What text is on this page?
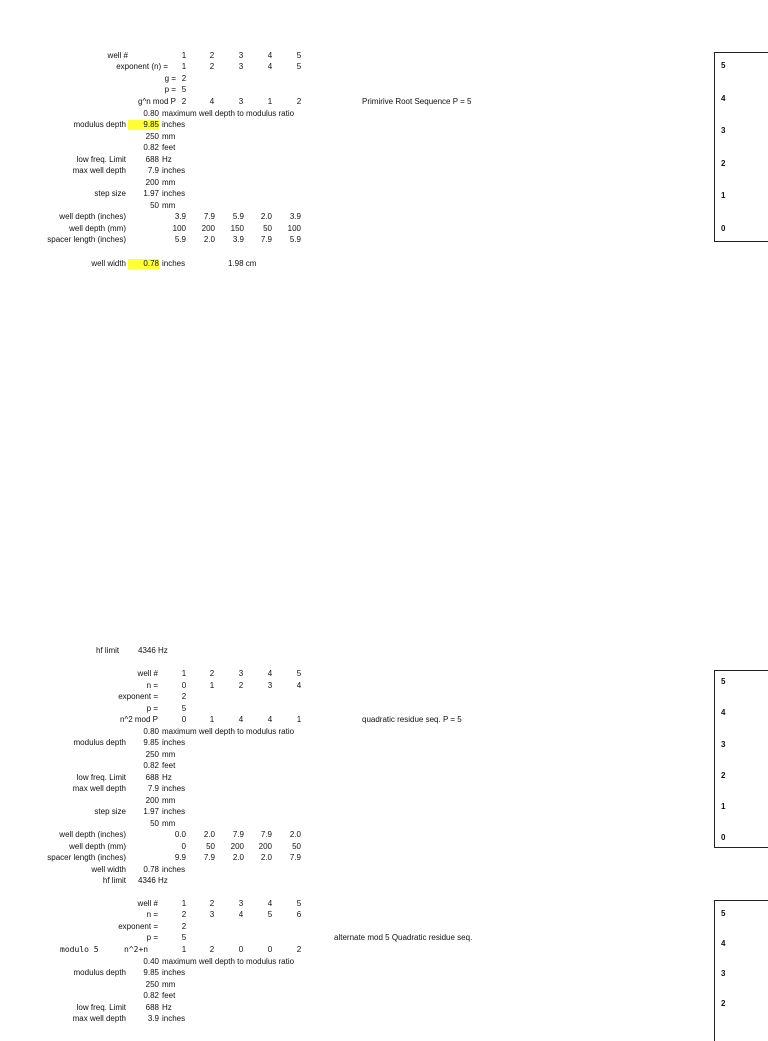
well #	1	2	3	4	5
exponent (n) =	1	2	3	4	5
g = 2
p = 5
g^n mod P 2	4	3	1	2	Primirive Root Sequence P = 5
0.80 maximum well depth to modulus ratio
modulus depth	9.85 inches
250 mm
0.82 feet
low freq. Limit	688 Hz
max well depth	7.9 inches
200 mm
step size	1.97 inches
50 mm
well depth (inches)	3.9	7.9	5.9	2.0	3.9
well depth (mm)	100	200	150	50	100
spacer length (inches)	5.9	2.0	3.9	7.9	5.9
well width	0.78 inches	1.98 cm
5
4
3
2
1
0
hf limit 4346 Hz
well #	1	2	3	4	5
n =	0	1	2	3	4
exponent =	2
p =	5
n^2 mod P	0	1	4	4	1	quadratic residue seq. P = 5
0.80 maximum well depth to modulus ratio
modulus depth	9.85 inches
250 mm
0.82 feet
low freq. Limit	688 Hz
max well depth	7.9 inches
200 mm
step size	1.97 inches
50 mm
well depth (inches)	0.0	2.0	7.9	7.9	2.0
well depth (mm)	0	50	200	200	50
spacer length (inches)	9.9	7.9	2.0	2.0	7.9
well width	0.78 inches
hf limit 4346 Hz
5
4
3
2
1
0
well #	1	2	3	4	5
n =	2	3	4	5	6
exponent =	2
p =	5	alternate mod 5 Quadratic residue seq.
modulo 5	n^2+n	1	2	0	0	2
0.40 maximum well depth to modulus ratio
modulus depth	9.85 inches
250 mm
0.82 feet
low freq. Limit	688 Hz
max well depth	3.9 inches
5
4
3
2
